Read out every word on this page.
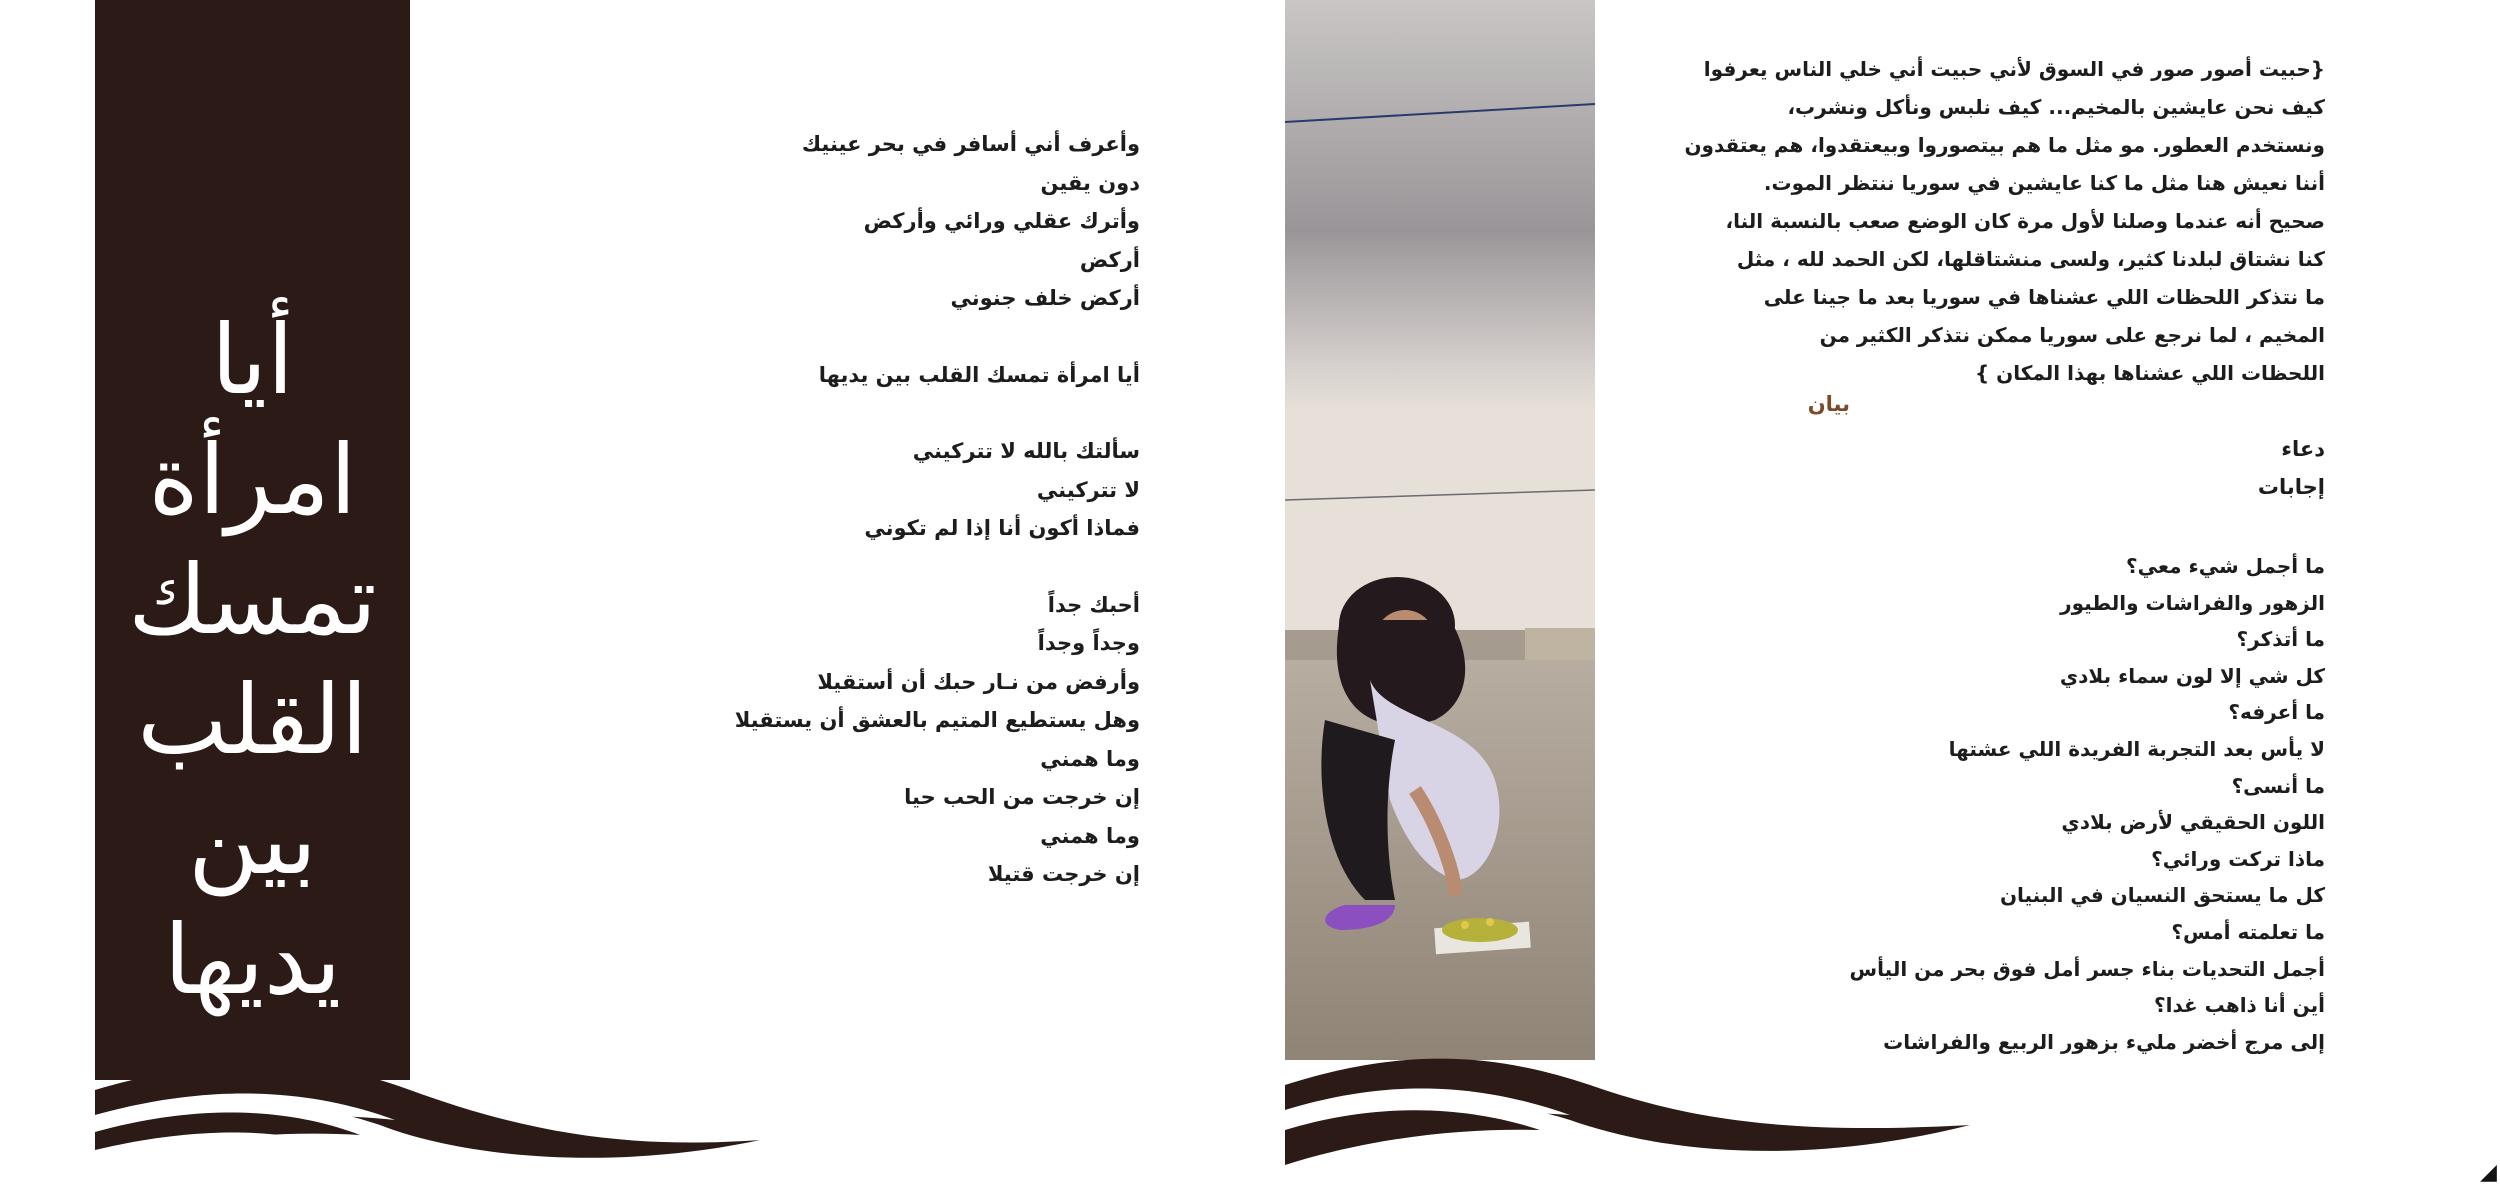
أيا امرأة
تمسك
القلب بين
يديها
وأعرف أني أسافر في بحر عينيك
دون يقين
وأترك عقلي ورائي وأركض
أركض
أركض خلف جنوني
أيا امرأة تمسك القلب بين يديها
سألتك بالله لا تتركيني
لا تتركيني
فماذا أكون أنا إذا لم تكوني
أحبك جداً
وجداً وجداً
وأرفض من نـار حبك أن أستقيلا
وهل يستطيع المتيم بالعشق أن يستقيلا
وما همني
إن خرجت من الحب حيا
وما همني
إن خرجت قتيلا
{حبيت أصور صور في السوق لأني حبيت أني خلي الناس يعرفوا
كيف نحن عايشين بالمخيم... كيف نلبس ونأكل ونشرب،
ونستخدم العطور. مو مثل ما هم بيتصوروا وبيعتقدوا، هم يعتقدون
أننا نعيش هنا مثل ما كنا عايشين في سوريا ننتظر الموت.
صحيح أنه عندما وصلنا لأول مرة كان الوضع صعب بالنسبة النا،
كنا نشتاق لبلدنا كثير، ولسى منشتاقلها، لكن الحمد لله ، مثل
ما نتذكر اللحظات اللي عشناها في سوريا بعد ما جينا على
المخيم ، لما نرجع على سوريا ممكن نتذكر الكثير من
اللحظات اللي عشناها بهذا المكان }
بيان
دعاء
إجابات
ما أجمل شيء معي؟
الزهور والفراشات والطيور
ما أتذكر؟
كل شي إلا لون سماء بلادي
ما أعرفه؟
لا يأس بعد التجربة الفريدة اللي عشتها
ما أنسى؟
اللون الحقيقي لأرض بلادي
ماذا تركت ورائي؟
كل ما يستحق النسيان في البنيان
ما تعلمته أمس؟
أجمل التحديات بناء جسر أمل فوق بحر من اليأس
أين أنا ذاهب غدا؟
إلى مرج أخضر مليء بزهور الربيع والفراشات
◢
